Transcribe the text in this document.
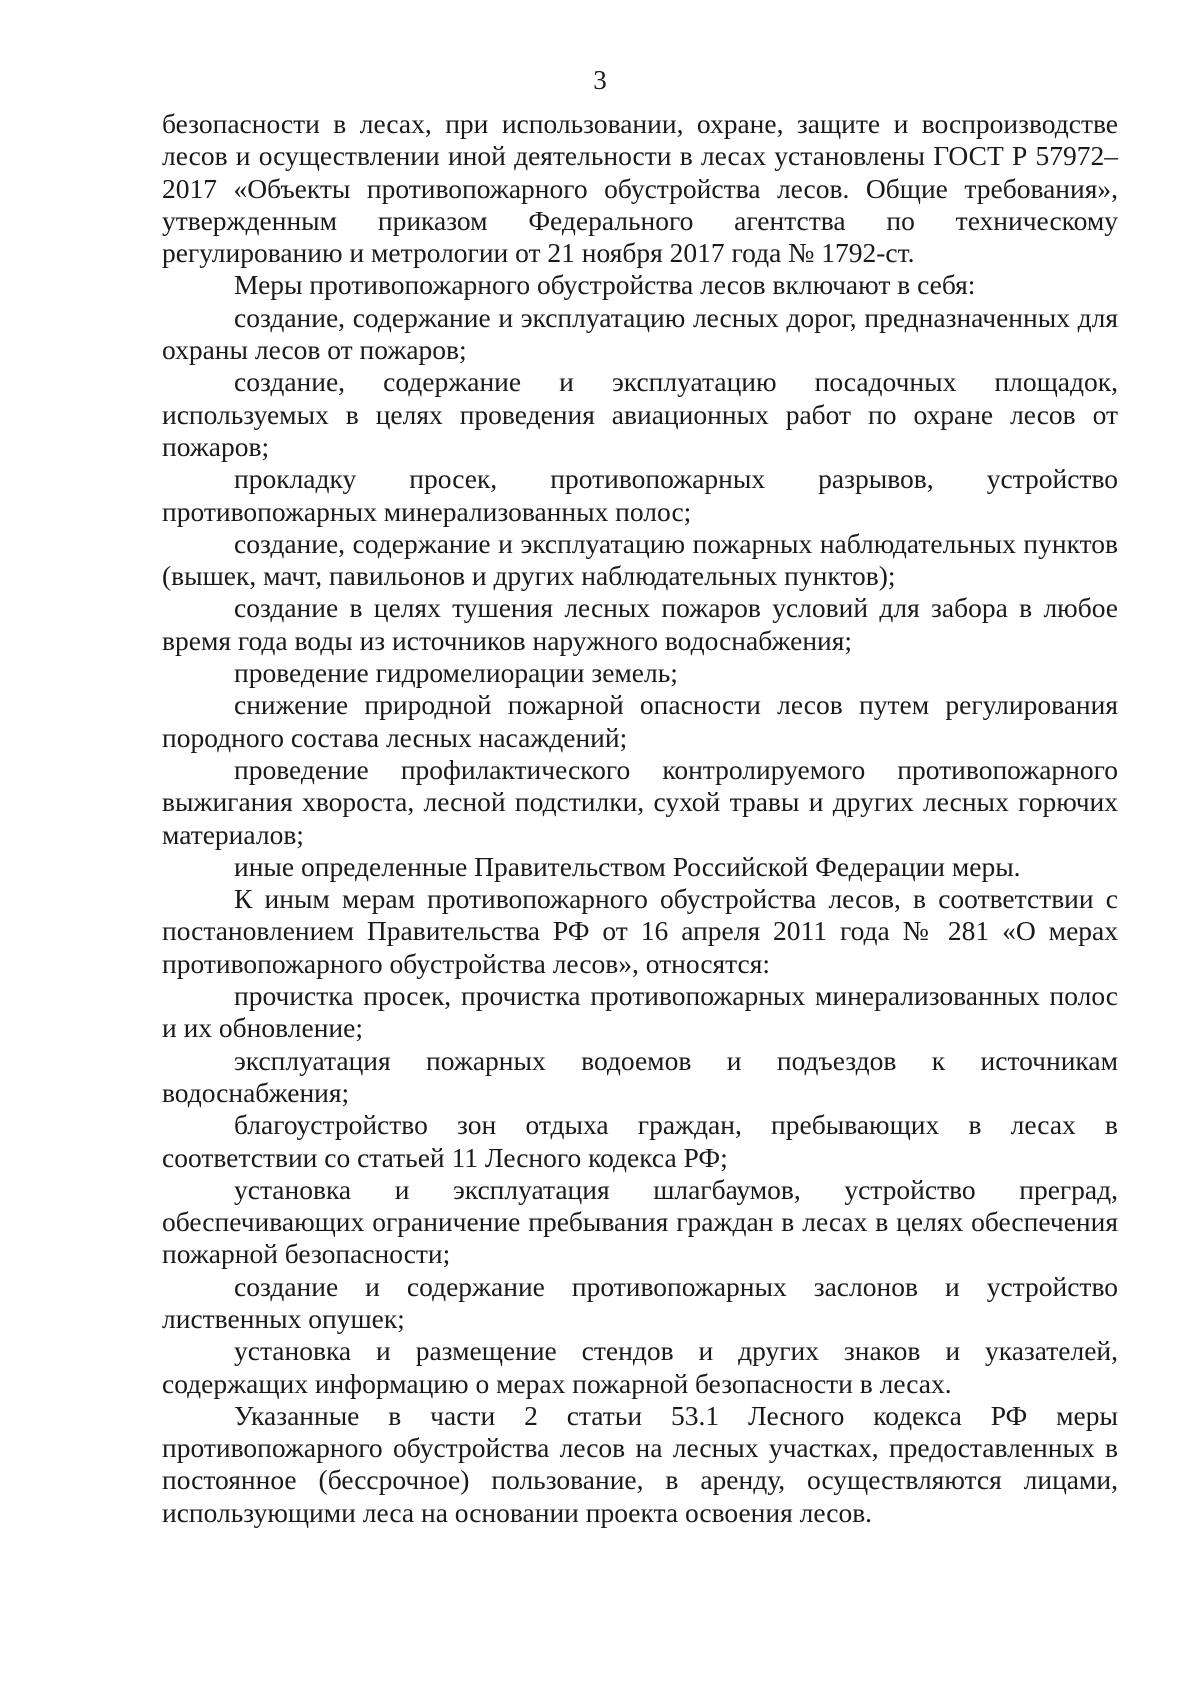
3

безопасности в лесах, при использовании, охране, защите и воспроизводстве лесов и осуществлении иной деятельности в лесах установлены ГОСТ Р 57972–2017 «Объекты противопожарного обустройства лесов. Общие требования», утвержденным приказом Федерального агентства по техническому регулированию и метрологии от 21 ноября 2017 года № 1792-ст.

Меры противопожарного обустройства лесов включают в себя:

создание, содержание и эксплуатацию лесных дорог, предназначенных для охраны лесов от пожаров;

создание, содержание и эксплуатацию посадочных площадок, используемых в целях проведения авиационных работ по охране лесов от пожаров;

прокладку просек, противопожарных разрывов, устройство противопожарных минерализованных полос;

создание, содержание и эксплуатацию пожарных наблюдательных пунктов (вышек, мачт, павильонов и других наблюдательных пунктов);

создание в целях тушения лесных пожаров условий для забора в любое время года воды из источников наружного водоснабжения;

проведение гидромелиорации земель;

снижение природной пожарной опасности лесов путем регулирования породного состава лесных насаждений;

проведение профилактического контролируемого противопожарного выжигания хвороста, лесной подстилки, сухой травы и других лесных горючих материалов;

иные определенные Правительством Российской Федерации меры.

К иным мерам противопожарного обустройства лесов, в соответствии с постановлением Правительства РФ от 16 апреля 2011 года № 281 «О мерах противопожарного обустройства лесов», относятся:

прочистка просек, прочистка противопожарных минерализованных полос и их обновление;

эксплуатация пожарных водоемов и подъездов к источникам водоснабжения;

благоустройство зон отдыха граждан, пребывающих в лесах в соответствии со статьей 11 Лесного кодекса РФ;

установка и эксплуатация шлагбаумов, устройство преград, обеспечивающих ограничение пребывания граждан в лесах в целях обеспечения пожарной безопасности;

создание и содержание противопожарных заслонов и устройство лиственных опушек;

установка и размещение стендов и других знаков и указателей, содержащих информацию о мерах пожарной безопасности в лесах.

Указанные в части 2 статьи 53.1 Лесного кодекса РФ меры противопожарного обустройства лесов на лесных участках, предоставленных в постоянное (бессрочное) пользование, в аренду, осуществляются лицами, использующими леса на основании проекта освоения лесов.
